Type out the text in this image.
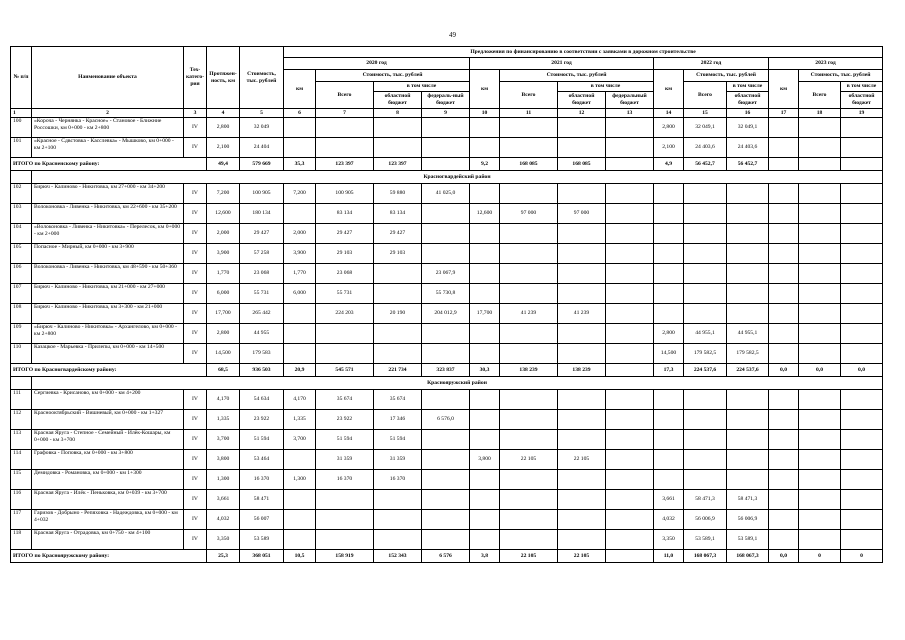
49
№ п/п	Наименование объекта	Тех-катего-рия	Протяжен-ность, км	Стоимость, тыс. рублей	Предложения по финансированию в соответствии с заявками в дорожном строительстве													
					2020 год				2021 год				2022 год			2023 год		
					км	Стоимость, тыс. рублей			км	Стоимость, тыс. рублей			км	Стоимость, тыс. рублей		км	Стоимость, тыс. рублей	
						Всего	в том числе			Всего	в том числе			Всего	в том числе		Всего	в том числе
							областной бюджет	федераль-ный бюджет			областной бюджет	федеральный бюджет			областной бюджет			областной бюджет
1	2	3	4	5	6	7	8	9	10	11	12	13	14	15	16	17	18	19
100	«Короча - Чернянка - Красное» - Становое - Ближние Россошки, км 0+000 - км 2+800	IV	2,800	32 049									2,800	32 049,1	32 049,1			
101	«Красное - Сдвстовка - Касслевка» - Мышково, км 0+000 - км 2+100	IV	2,100	24 404									2,100	24 403,6	24 403,6			
ИТОГО по Красненскому району:			49,4	579 669	35,3	123 397	123 397		9,2	168 085	168 085		4,9	56 452,7	56 452,7			
	Красногвардейский район																	
102	Бирюч - Калиново - Никитовка, км 27+000 - км 34+200	IV	7,200	100 905	7,200	100 905	59 880	41 025,0										
103	Волоконовка - Ливенка - Никитовка, км 22+600 - км 35+200	IV	12,600	180 134		83 134	83 134		12,600	97 000	97 000							
104	«Волоконовка - Ливенка - Никитовка» - Перелесок, км 0+000 - км 2+000	IV	2,000	29 427	2,000	29 427	29 427											
105	Попасное - Мирный, км 0+000 - км 3+900	IV	3,900	57 258	3,900	29 103	29 103											
106	Волоконовка - Ливенка - Никитовка, км 48+590 - км 50+360	IV	1,770	23 068	1,770	23 068		23 067,9										
107	Бирюч - Калиново - Никитовка, км 21+000 - км 27+000	IV	6,000	55 731	6,000	55 731		55 730,8										
108	Бирюч - Калиново - Никитовка, км 3+300 - км 21+000	IV	17,700	265 442		224 203	20 190	204 012,9	17,700	41 239	41 239							
109	«Бирюч - Калиново - Никитовка» - Архангелово, км 0+000 - км 2+800	IV	2,800	44 955									2,800	44 955,1	44 955,1			
110	Казацкое - Марьевка - Прилепы, км 0+000 - км 14+500	IV	14,500	179 583									14,500	179 582,5	179 582,5			
ИТОГО по Красногвардейскому району:			68,5	936 503	20,9	545 571	221 734	323 837	30,3	138 239	138 239		17,3	224 537,6	224 537,6	0,0	0,0	0,0
	Краснояружский район																	
111	Сергиевка - Крисаново, км 0+000 - км 4+200	IV	4,170	54 634	4,170	35 674	35 674											
112	Краснооктябрьский - Вишневый, км 0+000 - км 1+327	IV	1,335	23 922	1,335	23 922	17 346	6 576,0										
113	Красная Яруга - Степное - Семейный - Илёк-Кошары, км 0+000 - км 3+700	IV	3,700	51 594	3,700	51 594	51 594											
114	Графовка - Поповка, км 0+000 - км 3+800	IV	3,800	53 464		31 359	31 359		3,800	22 105	22 105							
115	Демидовка - Романовка, км 0+000 - км 1+300	IV	1,300	16 370	1,300	16 370	16 370											
116	Красная Яруга - Илёк - Пеньковка, км 0+039 - км 3+700	IV	3,661	58 471									3,661	58 471,3	58 471,3			
117	Гаризов - Добрыно - Репяховка - Надеждовка, км 0+000 - км 4+032	IV	4,032	56 007									4,032	56 006,9	56 006,9			
118	Красная Яруга - Отрадовка, км 0+750 - км 4+100	IV	3,350	53 589									3,350	53 589,1	53 589,1			
ИТОГО по Краснояружскому району:			25,3	368 051	10,5	158 919	152 343	6 576	3,8	22 105	22 105		11,0	168 067,3	168 067,3	0,0	0	0
